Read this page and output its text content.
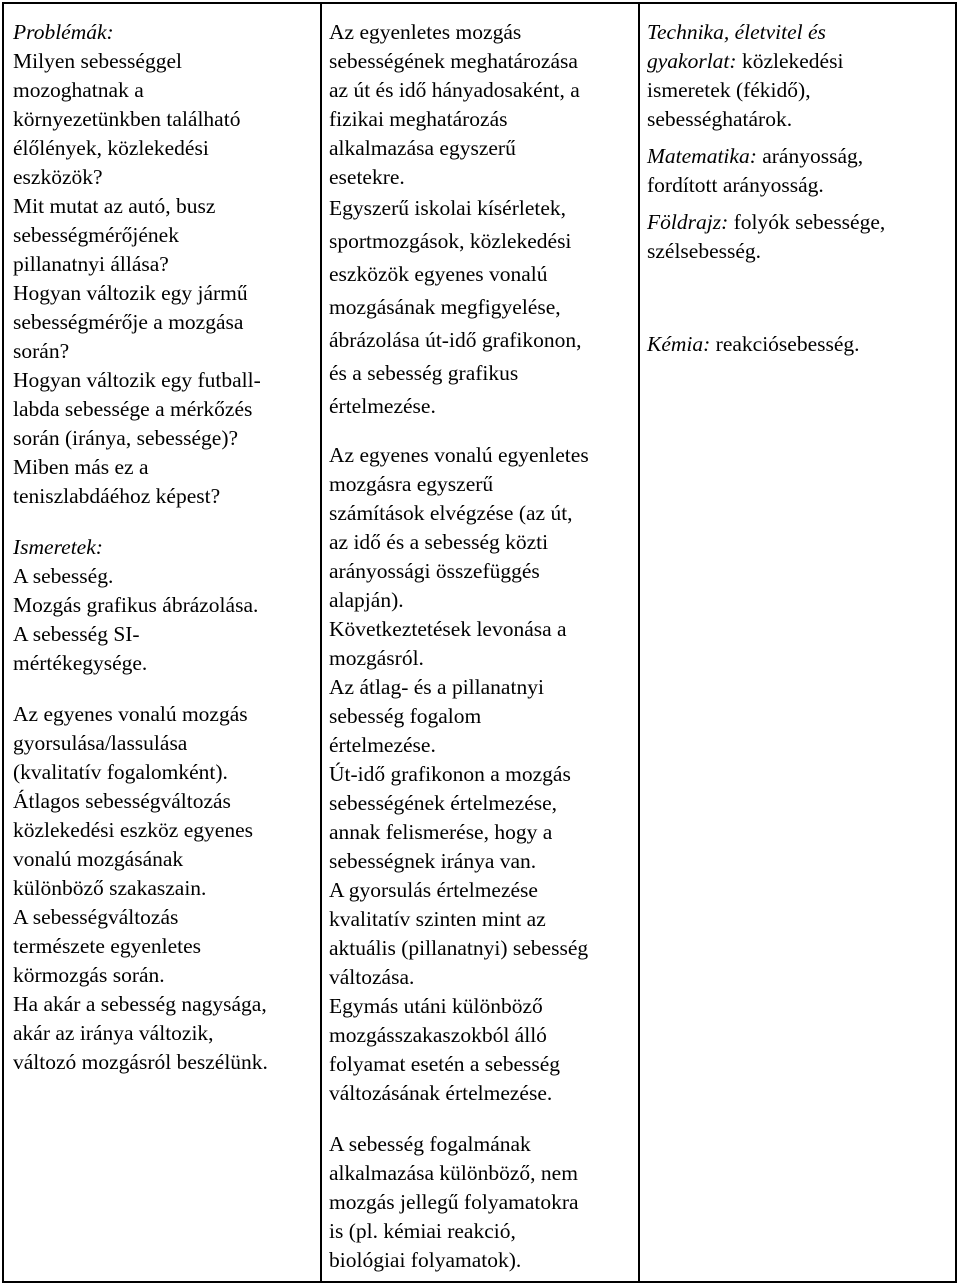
Problémák:
Milyen sebességgel
mozoghatnak a
környezetünkben található
élőlények, közlekedési
eszközök?
Mit mutat az autó, busz
sebességmérőjének
pillanatnyi állása?
Hogyan változik egy jármű
sebességmérője a mozgása
során?
Hogyan változik egy futball-
labda sebessége a mérkőzés
során (iránya, sebessége)?
Miben más ez a
teniszlabdáéhoz képest?
Ismeretek:
A sebesség.
Mozgás grafikus ábrázolása.
A sebesség SI-
mértékegysége.
Az egyenes vonalú mozgás
gyorsulása/lassulása
(kvalitatív fogalomként).
Átlagos sebességváltozás
közlekedési eszköz egyenes
vonalú mozgásának
különböző szakaszain.
A sebességváltozás
természete egyenletes
körmozgás során.
Ha akár a sebesség nagysága,
akár az iránya változik,
változó mozgásról beszélünk.
Az egyenletes mozgás
sebességének meghatározása
az út és idő hányadosaként, a
fizikai meghatározás
alkalmazása egyszerű
esetekre.
Egyszerű iskolai kísérletek,
sportmozgások, közlekedési
eszközök egyenes vonalú
mozgásának megfigyelése,
ábrázolása út-idő grafikonon,
és a sebesség grafikus
értelmezése.
Az egyenes vonalú egyenletes
mozgásra egyszerű
számítások elvégzése (az út,
az idő és a sebesség közti
arányossági összefüggés
alapján).
Következtetések levonása a
mozgásról.
Az átlag- és a pillanatnyi
sebesség fogalom
értelmezése.
Út-idő grafikonon a mozgás
sebességének értelmezése,
annak felismerése, hogy a
sebességnek iránya van.
A gyorsulás értelmezése
kvalitatív szinten mint az
aktuális (pillanatnyi) sebesség
változása.
Egymás utáni különböző
mozgásszakaszokból álló
folyamat esetén a sebesség
változásának értelmezése.
A sebesség fogalmának
alkalmazása különböző, nem
mozgás jellegű folyamatokra
is (pl. kémiai reakció,
biológiai folyamatok).
Technika, életvitel és
gyakorlat: közlekedési
ismeretek (fékidő),
sebességhatárok.
Matematika: arányosság,
fordított arányosság.
Földrajz: folyók sebessége,
szélsebesség.
Kémia: reakciósebesség.
